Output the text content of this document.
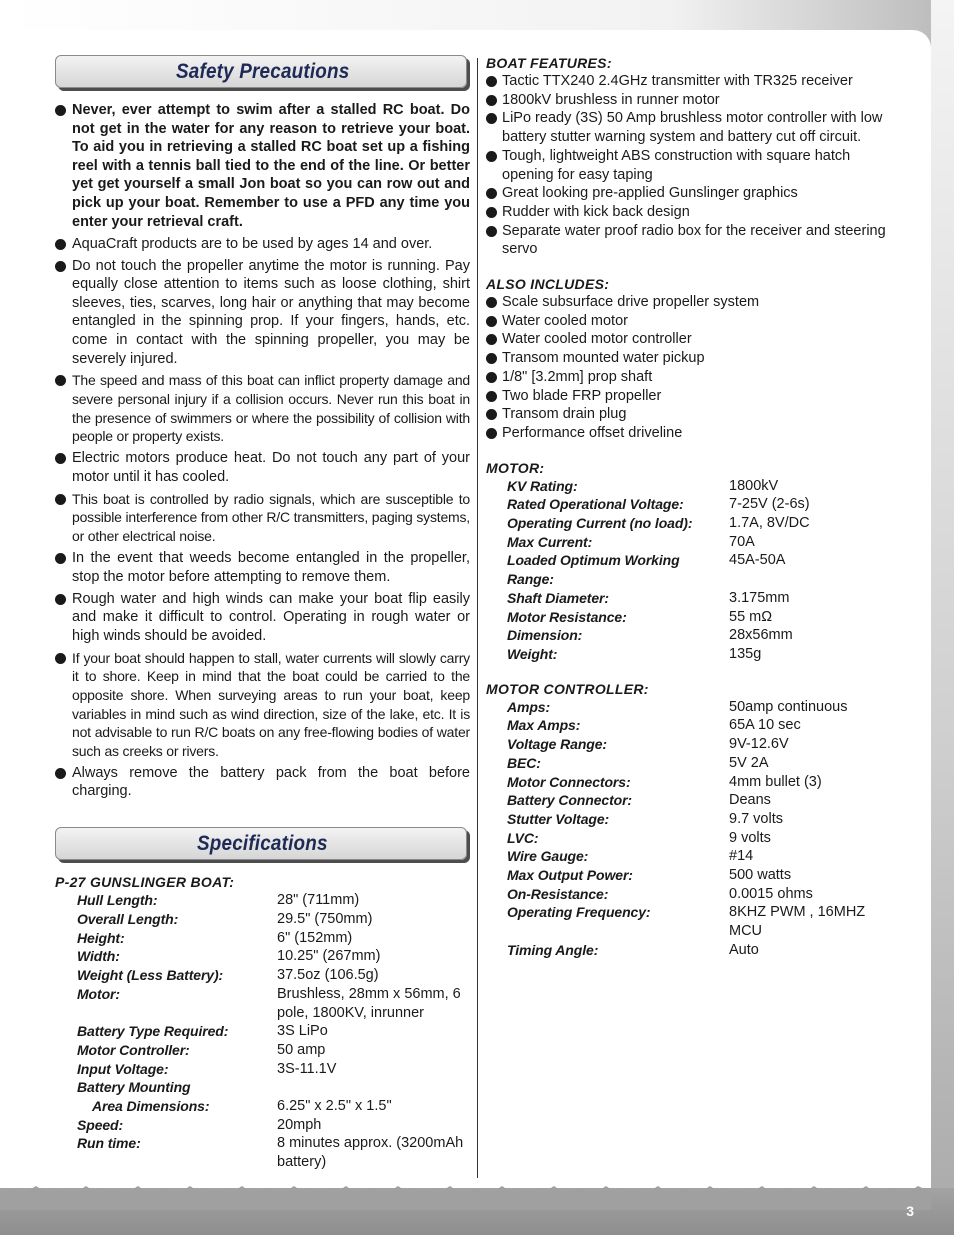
3
Safety Precautions
Never, ever attempt to swim after a stalled RC boat. Do not get in the water for any reason to retrieve your boat. To aid you in retrieving a stalled RC boat set up a fishing reel with a tennis ball tied to the end of the line. Or better yet get yourself a small Jon boat so you can row out and pick up your boat. Remember to use a PFD any time you enter your retrieval craft.
AquaCraft products are to be used by ages 14 and over.
Do not touch the propeller anytime the motor is running. Pay equally close attention to items such as loose clothing, shirt sleeves, ties, scarves, long hair or anything that may become entangled in the spinning prop. If your fingers, hands, etc. come in contact with the spinning propeller, you may be severely injured.
The speed and mass of this boat can inflict property damage and severe personal injury if a collision occurs. Never run this boat in the presence of swimmers or where the possibility of collision with people or property exists.
Electric motors produce heat. Do not touch any part of your motor until it has cooled.
This boat is controlled by radio signals, which are susceptible to possible interference from other R/C transmitters, paging systems, or other electrical noise.
In the event that weeds become entangled in the propeller, stop the motor before attempting to remove them.
Rough water and high winds can make your boat flip easily and make it difficult to control. Operating in rough water or high winds should be avoided.
If your boat should happen to stall, water currents will slowly carry it to shore. Keep in mind that the boat could be carried to the opposite shore. When surveying areas to run your boat, keep variables in mind such as wind direction, size of the lake, etc. It is not advisable to run R/C boats on any free-flowing bodies of water such as creeks or rivers.
Always remove the battery pack from the boat before charging.
Specifications
P-27 GUNSLINGER BOAT:
Hull Length:	28" (711mm)
Overall Length:	29.5" (750mm)
Height:	6" (152mm)
Width:	10.25" (267mm)
Weight (Less Battery):	37.5oz (106.5g)
Motor:	Brushless, 28mm x 56mm, 6 pole, 1800KV, inrunner
Battery Type Required:	3S LiPo
Motor Controller:	50 amp
Input Voltage:	3S-11.1V
Battery Mounting	
Area Dimensions:	6.25" x 2.5" x 1.5"
Speed:	20mph
Run time:	8 minutes approx. (3200mAh battery)
BOAT FEATURES:
Tactic TTX240 2.4GHz transmitter with TR325 receiver
1800kV brushless in runner motor
LiPo ready (3S) 50 Amp brushless motor controller with low battery stutter warning system and battery cut off circuit.
Tough, lightweight ABS construction with square hatch opening for easy taping
Great looking pre-applied Gunslinger graphics
Rudder with kick back design
Separate water proof radio box for the receiver and steering servo
ALSO INCLUDES:
Scale subsurface drive propeller system
Water cooled motor
Water cooled motor controller
Transom mounted water pickup
1/8" [3.2mm] prop shaft
Two blade FRP propeller
Transom drain plug
Performance offset driveline
MOTOR:
KV Rating:	1800kV
Rated Operational Voltage:	7-25V (2-6s)
Operating Current (no load):	1.7A, 8V/DC
Max Current:	70A
Loaded Optimum Working Range:	45A-50A
Shaft Diameter:	3.175mm
Motor Resistance:	55 mΩ
Dimension:	28x56mm
Weight:	135g
MOTOR CONTROLLER:
Amps:	50amp continuous
Max Amps:	65A 10 sec
Voltage Range:	9V-12.6V
BEC:	5V 2A
Motor Connectors:	4mm bullet (3)
Battery Connector:	Deans
Stutter Voltage:	9.7 volts
LVC:	9 volts
Wire Gauge:	#14
Max Output Power:	500 watts
On-Resistance:	0.0015 ohms
Operating Frequency:	8KHZ PWM , 16MHZ MCU
Timing Angle:	Auto
